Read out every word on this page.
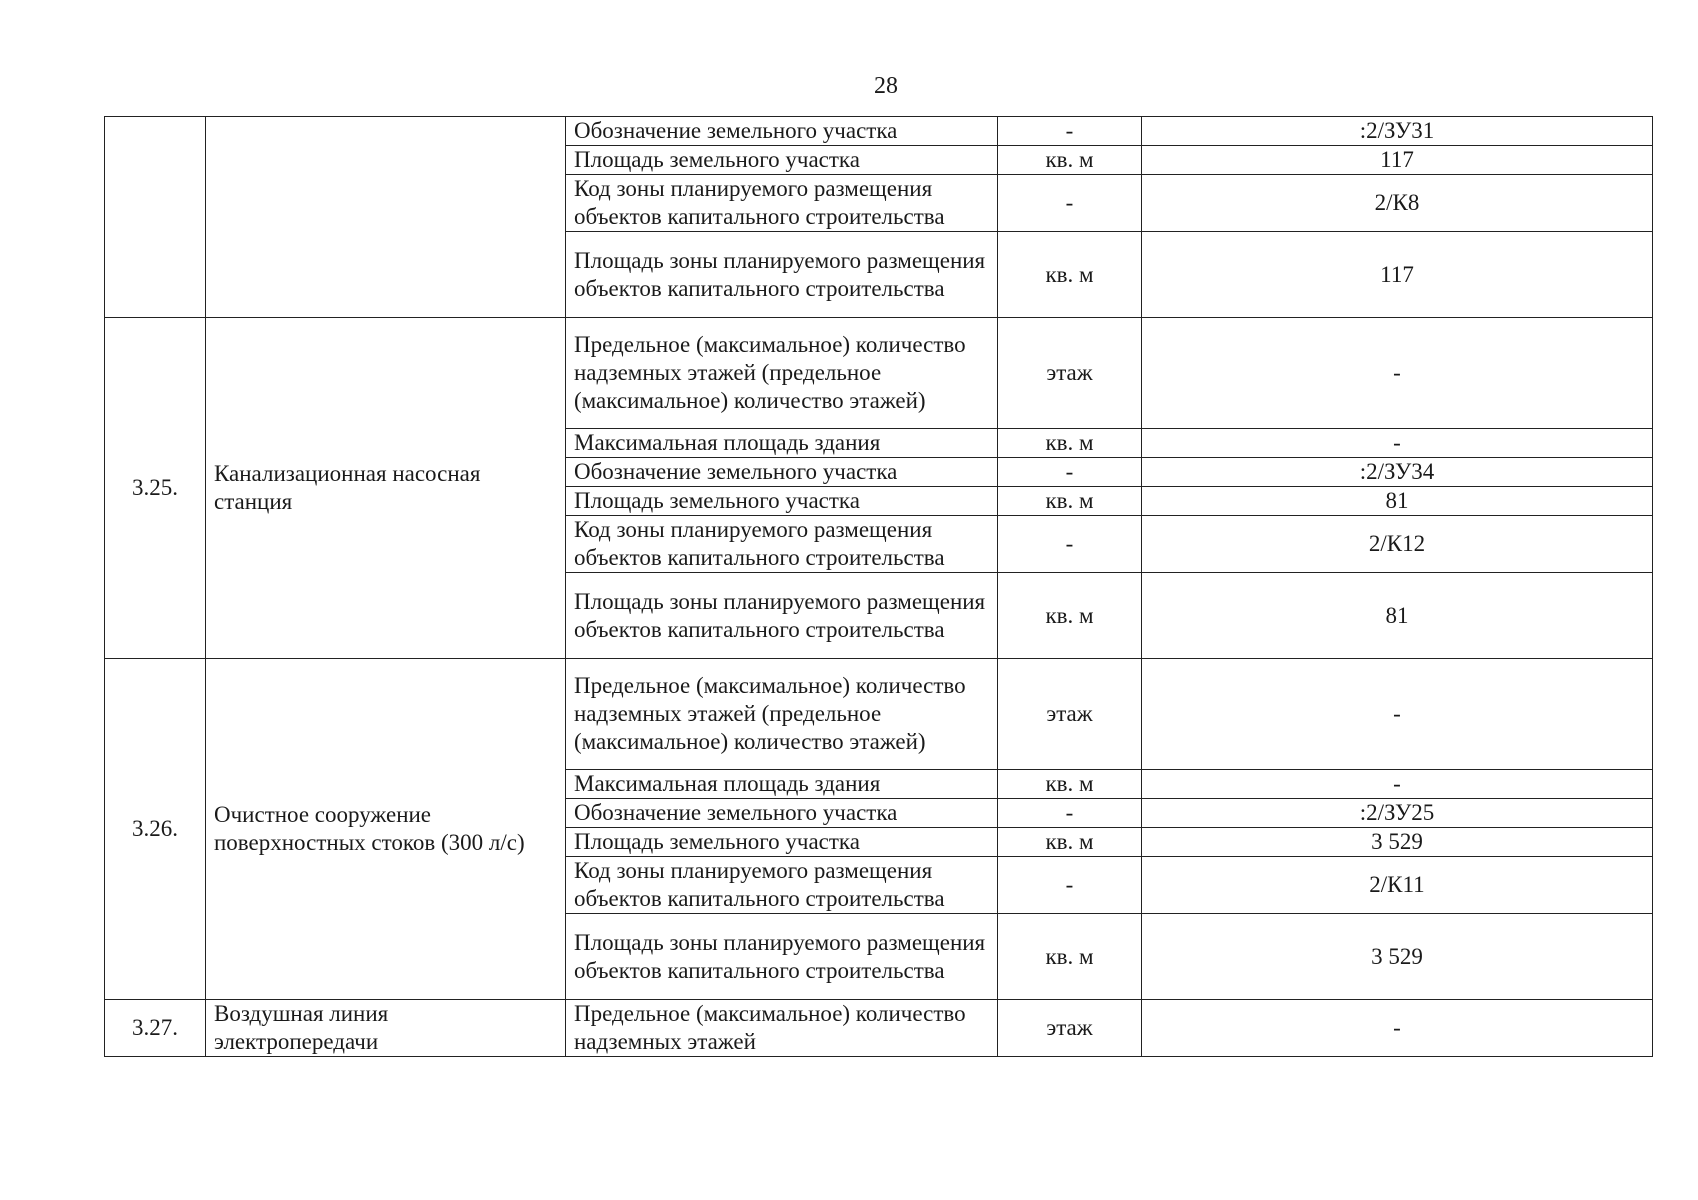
28
		Обозначение земельного участка	-	:2/ЗУ31
		Площадь земельного участка	кв. м	117
		Код зоны планируемого размещения объектов капитального строительства	-	2/К8
		Площадь зоны планируемого размещения объектов капитального строительства	кв. м	117
3.25.	Канализационная насосная станция	Предельное (максимальное) количество надземных этажей (предельное (максимальное) количество этажей)	этаж	-
		Максимальная площадь здания	кв. м	-
		Обозначение земельного участка	-	:2/ЗУ34
		Площадь земельного участка	кв. м	81
		Код зоны планируемого размещения объектов капитального строительства	-	2/К12
		Площадь зоны планируемого размещения объектов капитального строительства	кв. м	81
3.26.	Очистное сооружение поверхностных стоков (300 л/с)	Предельное (максимальное) количество надземных этажей (предельное (максимальное) количество этажей)	этаж	-
		Максимальная площадь здания	кв. м	-
		Обозначение земельного участка	-	:2/ЗУ25
		Площадь земельного участка	кв. м	3 529
		Код зоны планируемого размещения объектов капитального строительства	-	2/К11
		Площадь зоны планируемого размещения объектов капитального строительства	кв. м	3 529
3.27.	Воздушная линия электропередачи	Предельное (максимальное) количество надземных этажей	этаж	-
